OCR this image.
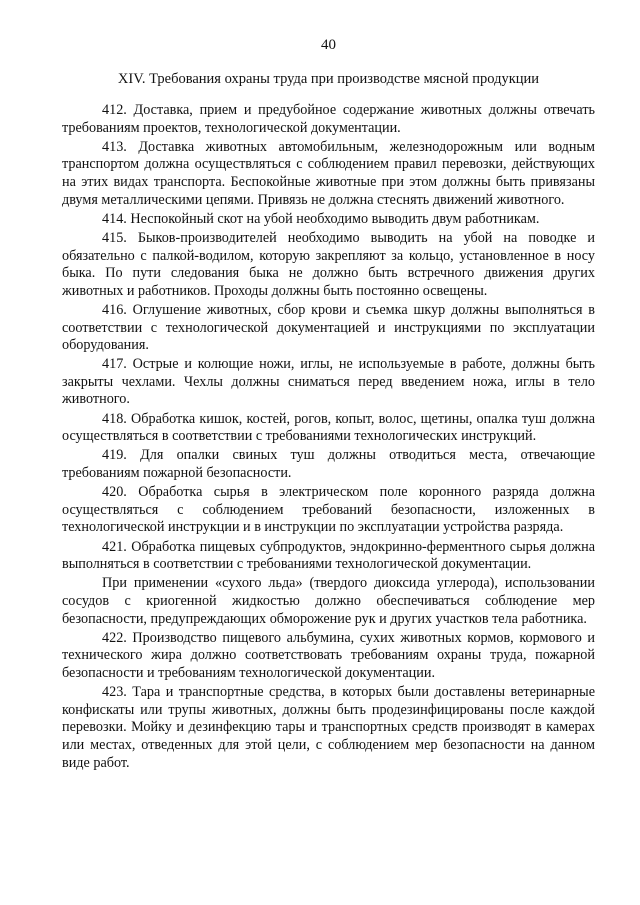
40
XIV. Требования охраны труда при производстве мясной продукции

412. Доставка, прием и предубойное содержание животных должны отвечать требованиям проектов, технологической документации.

413. Доставка животных автомобильным, железнодорожным или водным транспортом должна осуществляться с соблюдением правил перевозки, действующих на этих видах транспорта. Беспокойные животные при этом должны быть привязаны двумя металлическими цепями. Привязь не должна стеснять движений животного.

414. Неспокойный скот на убой необходимо выводить двум работникам.

415. Быков-производителей необходимо выводить на убой на поводке и обязательно с палкой-водилом, которую закрепляют за кольцо, установленное в носу быка. По пути следования быка не должно быть встречного движения других животных и работников. Проходы должны быть постоянно освещены.

416. Оглушение животных, сбор крови и съемка шкур должны выполняться в соответствии с технологической документацией и инструкциями по эксплуатации оборудования.

417. Острые и колющие ножи, иглы, не используемые в работе, должны быть закрыты чехлами. Чехлы должны сниматься перед введением ножа, иглы в тело животного.

418. Обработка кишок, костей, рогов, копыт, волос, щетины, опалка туш должна осуществляться в соответствии с требованиями технологических инструкций.

419. Для опалки свиных туш должны отводиться места, отвечающие требованиям пожарной безопасности.

420. Обработка сырья в электрическом поле коронного разряда должна осуществляться с соблюдением требований безопасности, изложенных в технологической инструкции и в инструкции по эксплуатации устройства разряда.

421. Обработка пищевых субпродуктов, эндокринно-ферментного сырья должна выполняться в соответствии с требованиями технологической документации.

При применении «сухого льда» (твердого диоксида углерода), использовании сосудов с криогенной жидкостью должно обеспечиваться соблюдение мер безопасности, предупреждающих обморожение рук и других участков тела работника.

422. Производство пищевого альбумина, сухих животных кормов, кормового и технического жира должно соответствовать требованиям охраны труда, пожарной безопасности и требованиям технологической документации.

423. Тара и транспортные средства, в которых были доставлены ветеринарные конфискаты или трупы животных, должны быть продезинфицированы после каждой перевозки. Мойку и дезинфекцию тары и транспортных средств производят в камерах или местах, отведенных для этой цели, с соблюдением мер безопасности на данном виде работ.
